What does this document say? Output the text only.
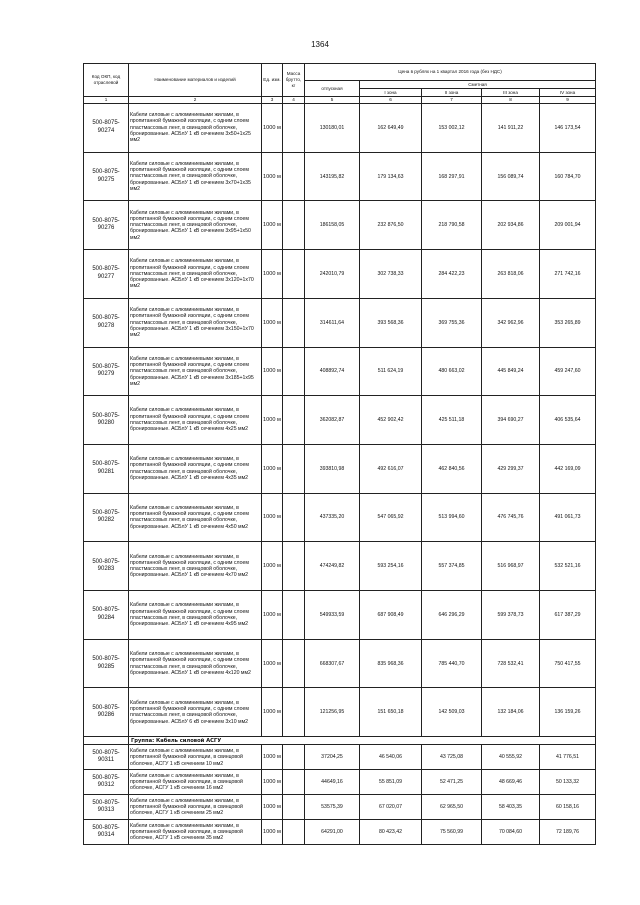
1364
Код ОКП, код отраслевой	Наименование материалов и изделий	Ед. изм.	Масса брутто, кг	Цена в рублях на 1 квартал 2016 года (без НДС)				
				отпускная	Сметная			
					I зона	II зона	III зона	IV зона
1	2	3	4	5	6	7	8	9
500-8075-90274	Кабели силовые с алюминиевыми жилами, в пропитанной бумажной изоляции, с одним слоем пластмассовых лент, в свинцовой оболочке, бронированные. АСБлУ 1 кВ сечением 3х50+1х25 мм2	1000 м		130180,01	162 649,49	153 002,12	141 911,22	146 173,54
500-8075-90275	Кабели силовые с алюминиевыми жилами, в пропитанной бумажной изоляции, с одним слоем пластмассовых лент, в свинцовой оболочке, бронированные. АСБлУ 1 кВ сечением 3х70+1х35 мм2	1000 м		143195,82	179 134,63	168 297,91	156 089,74	160 784,70
500-8075-90276	Кабели силовые с алюминиевыми жилами, в пропитанной бумажной изоляции, с одним слоем пластмассовых лент, в свинцовой оболочке, бронированные. АСБлУ 1 кВ сечением 3х95+1х50 мм2	1000 м		186158,05	232 876,50	218 790,58	202 934,86	209 001,94
500-8075-90277	Кабели силовые с алюминиевыми жилами, в пропитанной бумажной изоляции, с одним слоем пластмассовых лент, в свинцовой оболочке, бронированные. АСБлУ 1 кВ сечением 3х120+1х70 мм2	1000 м		242010,79	302 738,33	284 422,23	263 818,06	271 742,16
500-8075-90278	Кабели силовые с алюминиевыми жилами, в пропитанной бумажной изоляции, с одним слоем пластмассовых лент, в свинцовой оболочке, бронированные. АСБлУ 1 кВ сечением 3х150+1х70 мм2	1000 м		314611,64	393 568,36	369 755,36	342 962,96	353 265,89
500-8075-90279	Кабели силовые с алюминиевыми жилами, в пропитанной бумажной изоляции, с одним слоем пластмассовых лент, в свинцовой оболочке, бронированные. АСБлУ 1 кВ сечением 3х185+1х95 мм2	1000 м		408892,74	511 624,19	480 663,02	445 849,24	459 247,60
500-8075-90280	Кабели силовые с алюминиевыми жилами, в пропитанной бумажной изоляции, с одним слоем пластмассовых лент, в свинцовой оболочке, бронированные. АСБлУ 1 кВ сечением 4х25 мм2	1000 м		362082,87	452 902,42	425 511,18	394 690,27	406 535,64
500-8075-90281	Кабели силовые с алюминиевыми жилами, в пропитанной бумажной изоляции, с одним слоем пластмассовых лент, в свинцовой оболочке, бронированные. АСБлУ 1 кВ сечением 4х35 мм2	1000 м		393810,98	492 616,07	462 840,56	429 299,37	442 169,09
500-8075-90282	Кабели силовые с алюминиевыми жилами, в пропитанной бумажной изоляции, с одним слоем пластмассовых лент, в свинцовой оболочке, бронированные. АСБлУ 1 кВ сечением 4х50 мм2	1000 м		437335,20	547 065,92	513 994,60	476 745,76	491 061,73
500-8075-90283	Кабели силовые с алюминиевыми жилами, в пропитанной бумажной изоляции, с одним слоем пластмассовых лент, в свинцовой оболочке, бронированные. АСБлУ 1 кВ сечением 4х70 мм2	1000 м		474249,82	593 254,16	557 374,85	516 968,97	532 521,16
500-8075-90284	Кабели силовые с алюминиевыми жилами, в пропитанной бумажной изоляции, с одним слоем пластмассовых лент, в свинцовой оболочке, бронированные. АСБлУ 1 кВ сечением 4х95 мм2	1000 м		549933,59	687 908,49	646 296,29	599 378,73	617 387,29
500-8075-90285	Кабели силовые с алюминиевыми жилами, в пропитанной бумажной изоляции, с одним слоем пластмассовых лент, в свинцовой оболочке, бронированные. АСБлУ 1 кВ сечением 4х120 мм2	1000 м		668307,67	835 968,36	785 440,70	728 532,41	750 417,55
500-8075-90286	Кабели силовые с алюминиевыми жилами, в пропитанной бумажной изоляции, с одним слоем пластмассовых лент, в свинцовой оболочке, бронированные. АСБлУ 6 кВ сечением 3х10 мм2	1000 м		121256,95	151 650,18	142 509,03	132 184,06	136 159,26
	Группа: Кабель силовой АСГУ							
500-8075-90311	Кабели силовые с алюминиевыми жилами, в пропитанной бумажной изоляции, в свинцовой оболочке, АСГУ 1 кВ сечением 10 мм2	1000 м		37204,25	46 540,06	43 725,08	40 555,92	41 776,51
500-8075-90312	Кабели силовые с алюминиевыми жилами, в пропитанной бумажной изоляции, в свинцовой оболочке, АСГУ 1 кВ сечением 16 мм2	1000 м		44649,16	55 851,09	52 471,25	48 669,46	50 133,32
500-8075-90313	Кабели силовые с алюминиевыми жилами, в пропитанной бумажной изоляции, в свинцовой оболочке, АСГУ 1 кВ сечением 25 мм2	1000 м		53575,39	67 020,07	62 965,50	58 403,35	60 158,16
500-8075-90314	Кабели силовые с алюминиевыми жилами, в пропитанной бумажной изоляции, в свинцовой оболочке, АСГУ 1 кВ сечением 35 мм2	1000 м		64291,00	80 423,42	75 560,99	70 084,60	72 189,76
